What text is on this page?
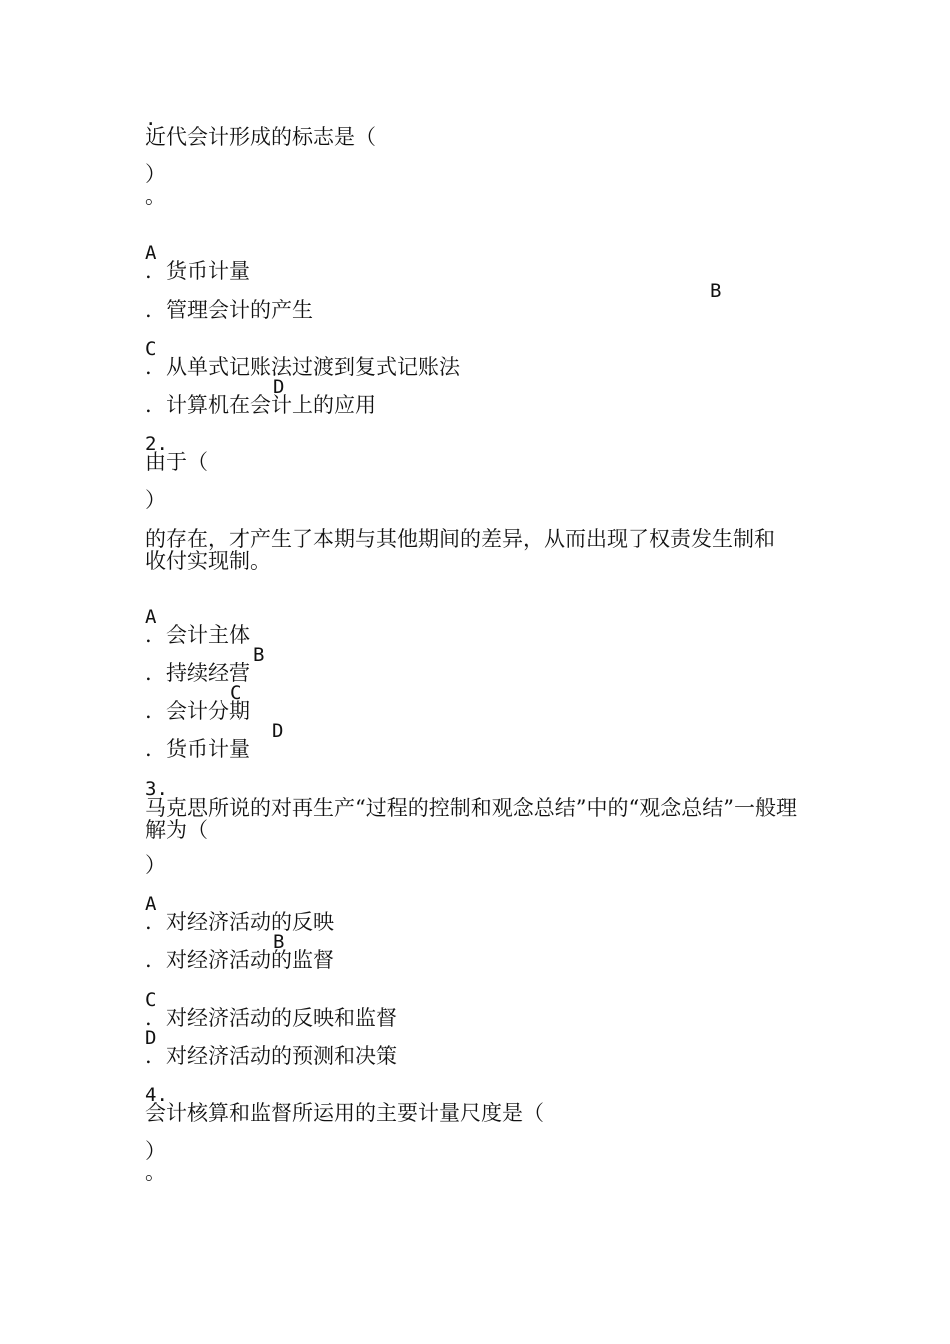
.
近代会计形成的标志是（
）
。
A
. 货币计量
B
. 管理会计的产生
C
. 从单式记账法过渡到复式记账法
D
. 计算机在会计上的应用
2.
由于（
）
的存在，才产生了本期与其他期间的差异，从而出现了权责发生制和收付实现制。
A
. 会计主体
B
. 持续经营
C
. 会计分期
D
. 货币计量
3.
马克思所说的对再生产“过程的控制和观念总结”中的“观念总结”一般理解为（
）
A
. 对经济活动的反映
B
. 对经济活动的监督
C
. 对经济活动的反映和监督
D
. 对经济活动的预测和决策
4.
会计核算和监督所运用的主要计量尺度是（
）
。
